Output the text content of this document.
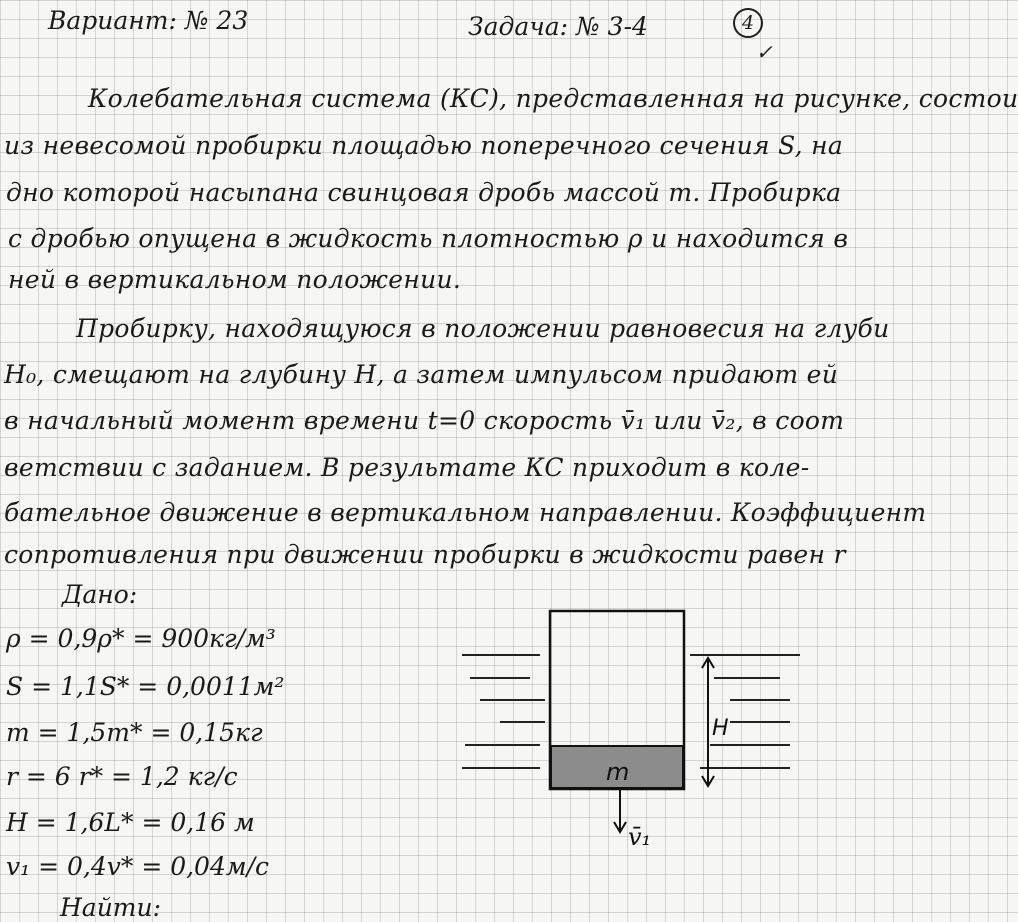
Вариант: № 23	Задача: № 3-4	4
✓
Колебательная система (КС), представленная на рисунке, состои
из невесомой пробирки площадью поперечного сечения S, на
дно которой насыпана свинцовая дробь массой m. Пробирка
с дробью опущена в жидкость плотностью ρ и находится в
ней в вертикальном положении.
Пробирку, находящуюся в положении равновесия на глуби
H₀, смещают на глубину H, а затем импульсом придают ей
в начальный момент времени t=0 скорость v̄₁ или v̄₂, в соот
ветствии с заданием. В результате КС приходит в коле-
бательное движение в вертикальном направлении. Коэффициент
сопротивления при движении пробирки в жидкости равен r
Дано:
ρ = 0,9ρ* = 900кг/м³
S = 1,1S* = 0,0011м²
m = 1,5m* = 0,15кг
r = 6 r* = 1,2 кг/с
H = 1,6L* = 0,16 м
v₁ = 0,4v* = 0,04м/с
Найти:
m
H
v̄₁
